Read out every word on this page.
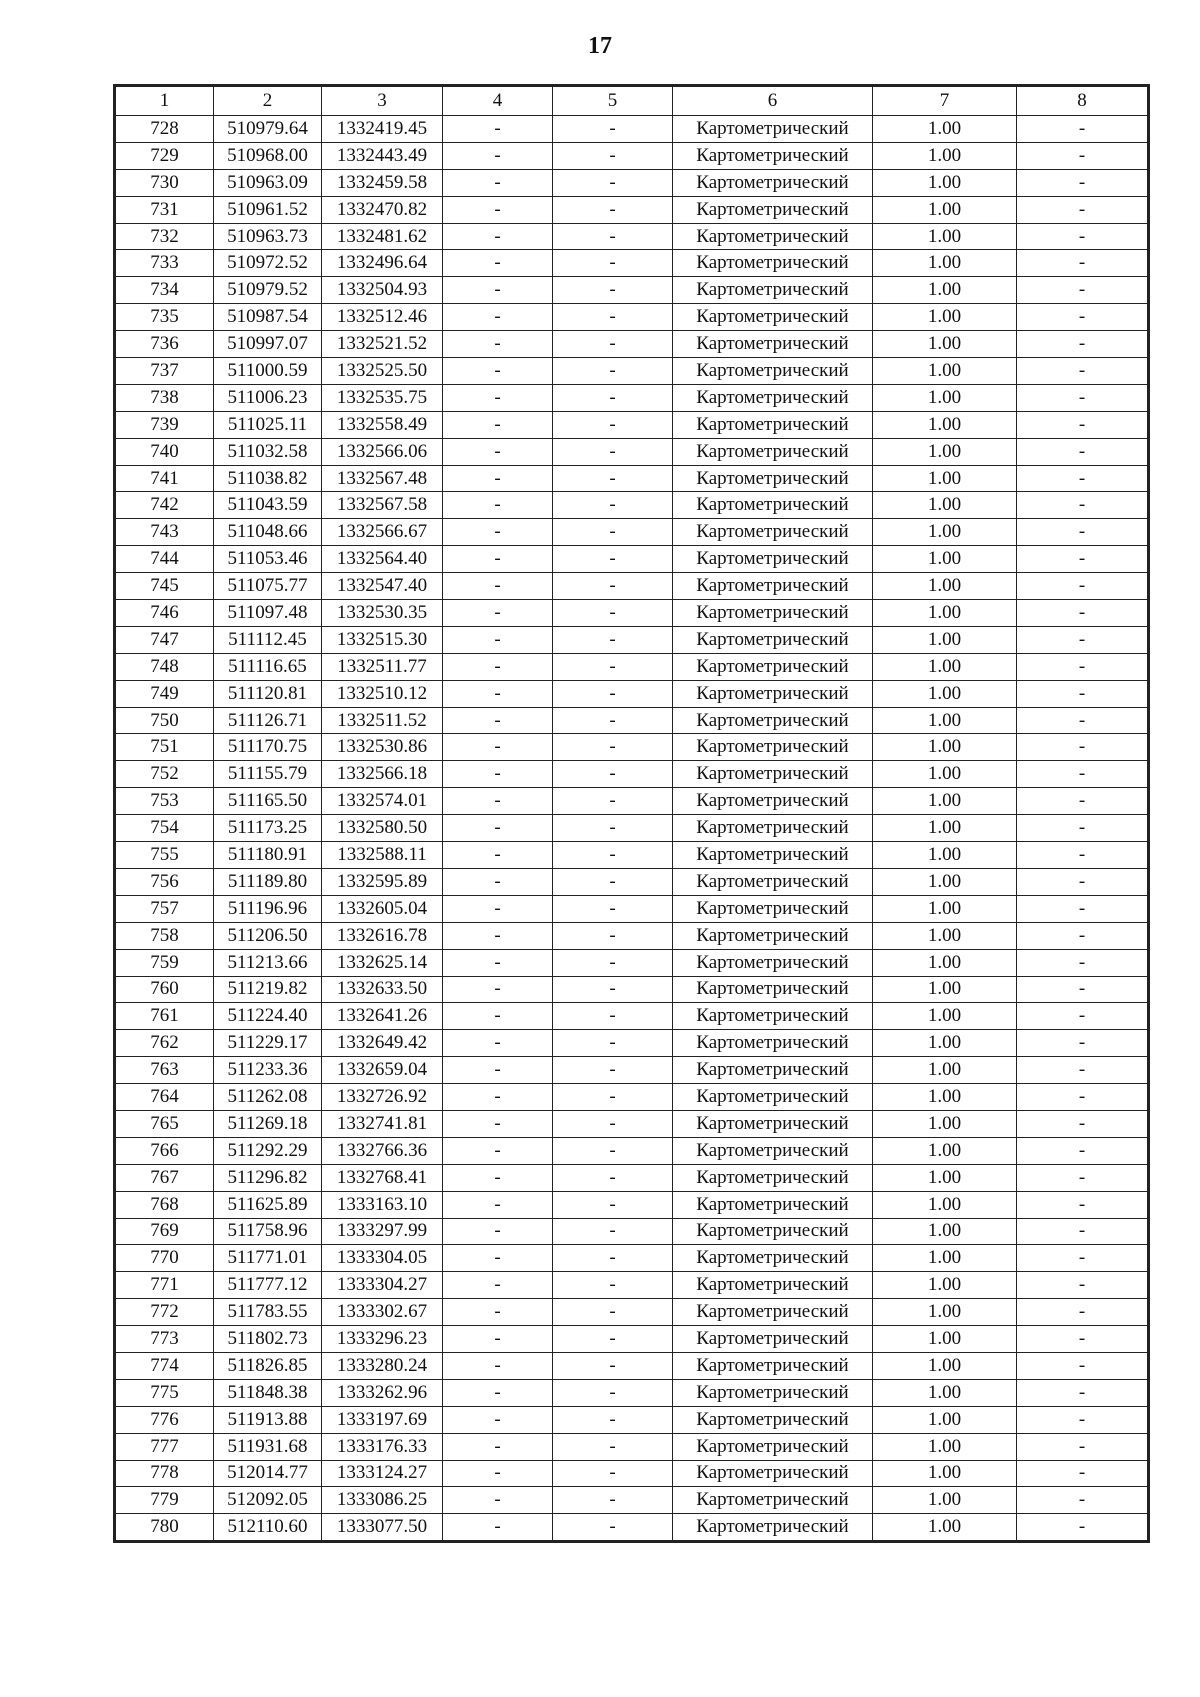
17
1	2	3	4	5	6	7	8
728	510979.64	1332419.45	-	-	Картометрический	1.00	-
729	510968.00	1332443.49	-	-	Картометрический	1.00	-
730	510963.09	1332459.58	-	-	Картометрический	1.00	-
731	510961.52	1332470.82	-	-	Картометрический	1.00	-
732	510963.73	1332481.62	-	-	Картометрический	1.00	-
733	510972.52	1332496.64	-	-	Картометрический	1.00	-
734	510979.52	1332504.93	-	-	Картометрический	1.00	-
735	510987.54	1332512.46	-	-	Картометрический	1.00	-
736	510997.07	1332521.52	-	-	Картометрический	1.00	-
737	511000.59	1332525.50	-	-	Картометрический	1.00	-
738	511006.23	1332535.75	-	-	Картометрический	1.00	-
739	511025.11	1332558.49	-	-	Картометрический	1.00	-
740	511032.58	1332566.06	-	-	Картометрический	1.00	-
741	511038.82	1332567.48	-	-	Картометрический	1.00	-
742	511043.59	1332567.58	-	-	Картометрический	1.00	-
743	511048.66	1332566.67	-	-	Картометрический	1.00	-
744	511053.46	1332564.40	-	-	Картометрический	1.00	-
745	511075.77	1332547.40	-	-	Картометрический	1.00	-
746	511097.48	1332530.35	-	-	Картометрический	1.00	-
747	511112.45	1332515.30	-	-	Картометрический	1.00	-
748	511116.65	1332511.77	-	-	Картометрический	1.00	-
749	511120.81	1332510.12	-	-	Картометрический	1.00	-
750	511126.71	1332511.52	-	-	Картометрический	1.00	-
751	511170.75	1332530.86	-	-	Картометрический	1.00	-
752	511155.79	1332566.18	-	-	Картометрический	1.00	-
753	511165.50	1332574.01	-	-	Картометрический	1.00	-
754	511173.25	1332580.50	-	-	Картометрический	1.00	-
755	511180.91	1332588.11	-	-	Картометрический	1.00	-
756	511189.80	1332595.89	-	-	Картометрический	1.00	-
757	511196.96	1332605.04	-	-	Картометрический	1.00	-
758	511206.50	1332616.78	-	-	Картометрический	1.00	-
759	511213.66	1332625.14	-	-	Картометрический	1.00	-
760	511219.82	1332633.50	-	-	Картометрический	1.00	-
761	511224.40	1332641.26	-	-	Картометрический	1.00	-
762	511229.17	1332649.42	-	-	Картометрический	1.00	-
763	511233.36	1332659.04	-	-	Картометрический	1.00	-
764	511262.08	1332726.92	-	-	Картометрический	1.00	-
765	511269.18	1332741.81	-	-	Картометрический	1.00	-
766	511292.29	1332766.36	-	-	Картометрический	1.00	-
767	511296.82	1332768.41	-	-	Картометрический	1.00	-
768	511625.89	1333163.10	-	-	Картометрический	1.00	-
769	511758.96	1333297.99	-	-	Картометрический	1.00	-
770	511771.01	1333304.05	-	-	Картометрический	1.00	-
771	511777.12	1333304.27	-	-	Картометрический	1.00	-
772	511783.55	1333302.67	-	-	Картометрический	1.00	-
773	511802.73	1333296.23	-	-	Картометрический	1.00	-
774	511826.85	1333280.24	-	-	Картометрический	1.00	-
775	511848.38	1333262.96	-	-	Картометрический	1.00	-
776	511913.88	1333197.69	-	-	Картометрический	1.00	-
777	511931.68	1333176.33	-	-	Картометрический	1.00	-
778	512014.77	1333124.27	-	-	Картометрический	1.00	-
779	512092.05	1333086.25	-	-	Картометрический	1.00	-
780	512110.60	1333077.50	-	-	Картометрический	1.00	-
